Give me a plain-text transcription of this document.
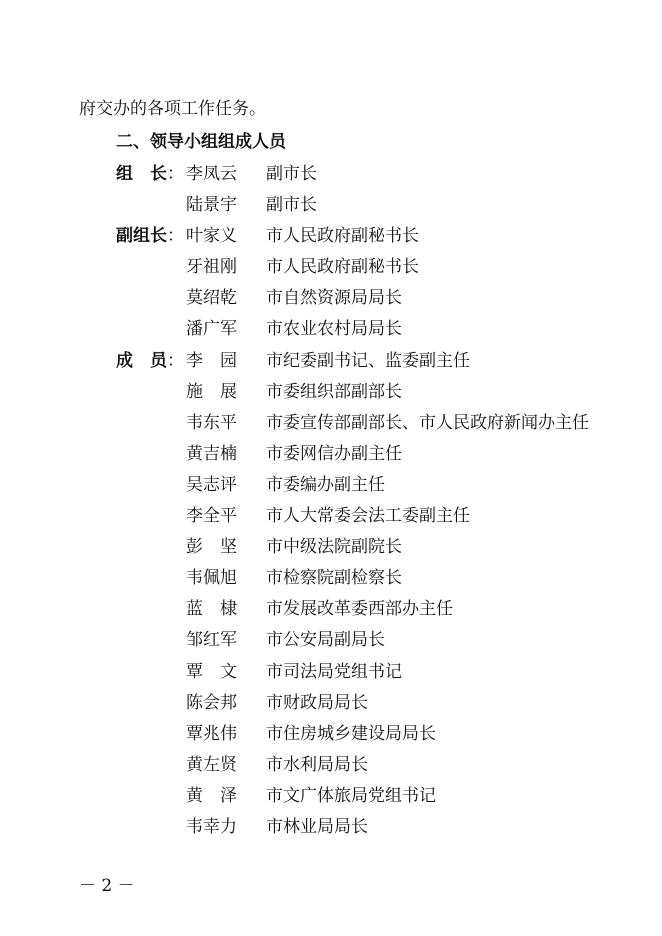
府交办的各项工作任务。
二、领导小组组成人员
组　长： 李凤云	副市长
陆景宇	副市长
副组长： 叶家义	市人民政府副秘书长
牙祖刚	市人民政府副秘书长
莫绍乾	市自然资源局局长
潘广军	市农业农村局局长
成　员： 李　园	市纪委副书记、监委副主任
施　展	市委组织部副部长
韦东平	市委宣传部副部长、市人民政府新闻办主任
黄吉楠	市委网信办副主任
吴志评	市委编办副主任
李全平	市人大常委会法工委副主任
彭　坚	市中级法院副院长
韦佩旭	市检察院副检察长
蓝　棣	市发展改革委西部办主任
邹红军	市公安局副局长
覃　文	市司法局党组书记
陈会邦	市财政局局长
覃兆伟	市住房城乡建设局局长
黄左贤	市水利局局长
黄　泽	市文广体旅局党组书记
韦幸力	市林业局局长
－ 2 －
